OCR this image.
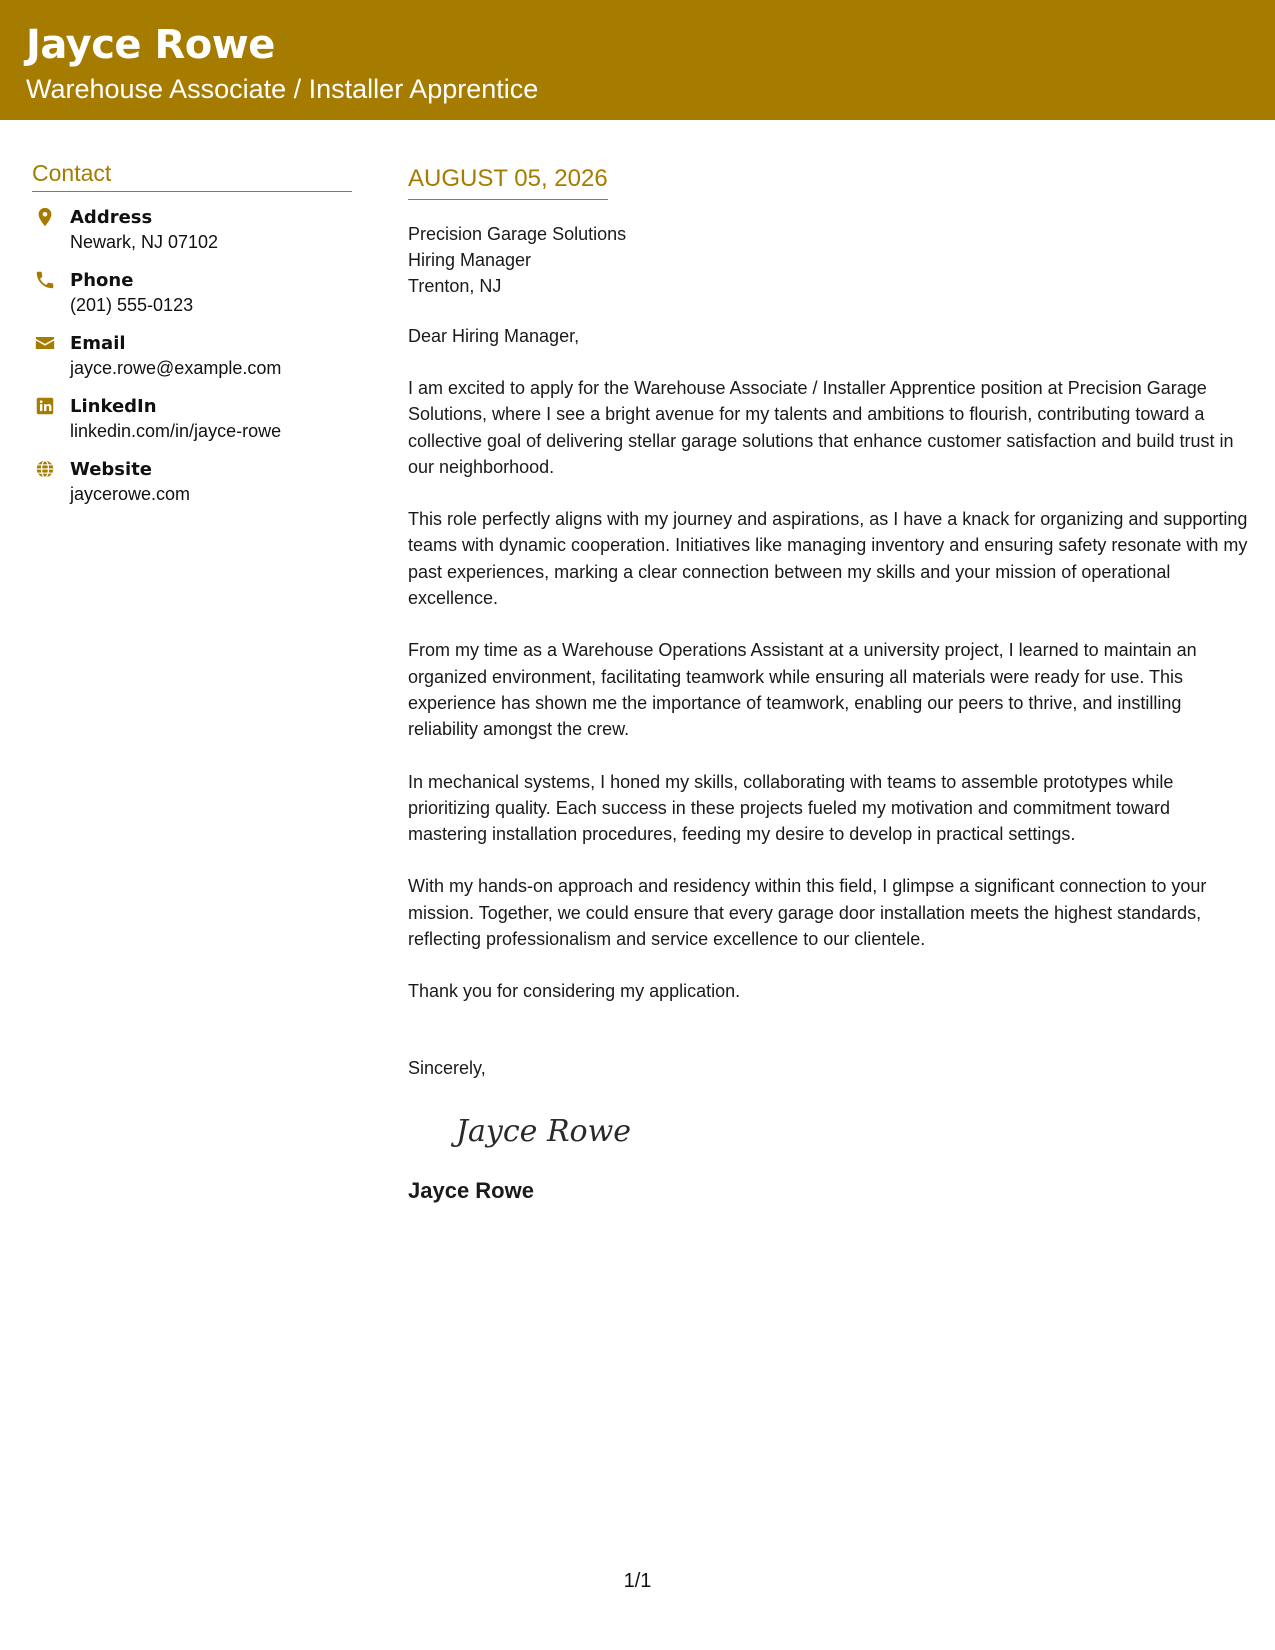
Jayce Rowe
Warehouse Associate / Installer Apprentice
Contact
Address
Newark, NJ 07102
Phone
(201) 555-0123
Email
jayce.rowe@example.com
LinkedIn
linkedin.com/in/jayce-rowe
Website
jaycerowe.com
AUGUST 05, 2026
Precision Garage Solutions
Hiring Manager
Trenton, NJ
Dear Hiring Manager,
I am excited to apply for the Warehouse Associate / Installer Apprentice position at Precision Garage Solutions, where I see a bright avenue for my talents and ambitions to flourish, contributing toward a collective goal of delivering stellar garage solutions that enhance customer satisfaction and build trust in our neighborhood.
This role perfectly aligns with my journey and aspirations, as I have a knack for organizing and supporting teams with dynamic cooperation. Initiatives like managing inventory and ensuring safety resonate with my past experiences, marking a clear connection between my skills and your mission of operational excellence.
From my time as a Warehouse Operations Assistant at a university project, I learned to maintain an organized environment, facilitating teamwork while ensuring all materials were ready for use. This experience has shown me the importance of teamwork, enabling our peers to thrive, and instilling reliability amongst the crew.
In mechanical systems, I honed my skills, collaborating with teams to assemble prototypes while prioritizing quality. Each success in these projects fueled my motivation and commitment toward mastering installation procedures, feeding my desire to develop in practical settings.
With my hands-on approach and residency within this field, I glimpse a significant connection to your mission. Together, we could ensure that every garage door installation meets the highest standards, reflecting professionalism and service excellence to our clientele.
Thank you for considering my application.
Sincerely,
Jayce Rowe
Jayce Rowe
1/1
